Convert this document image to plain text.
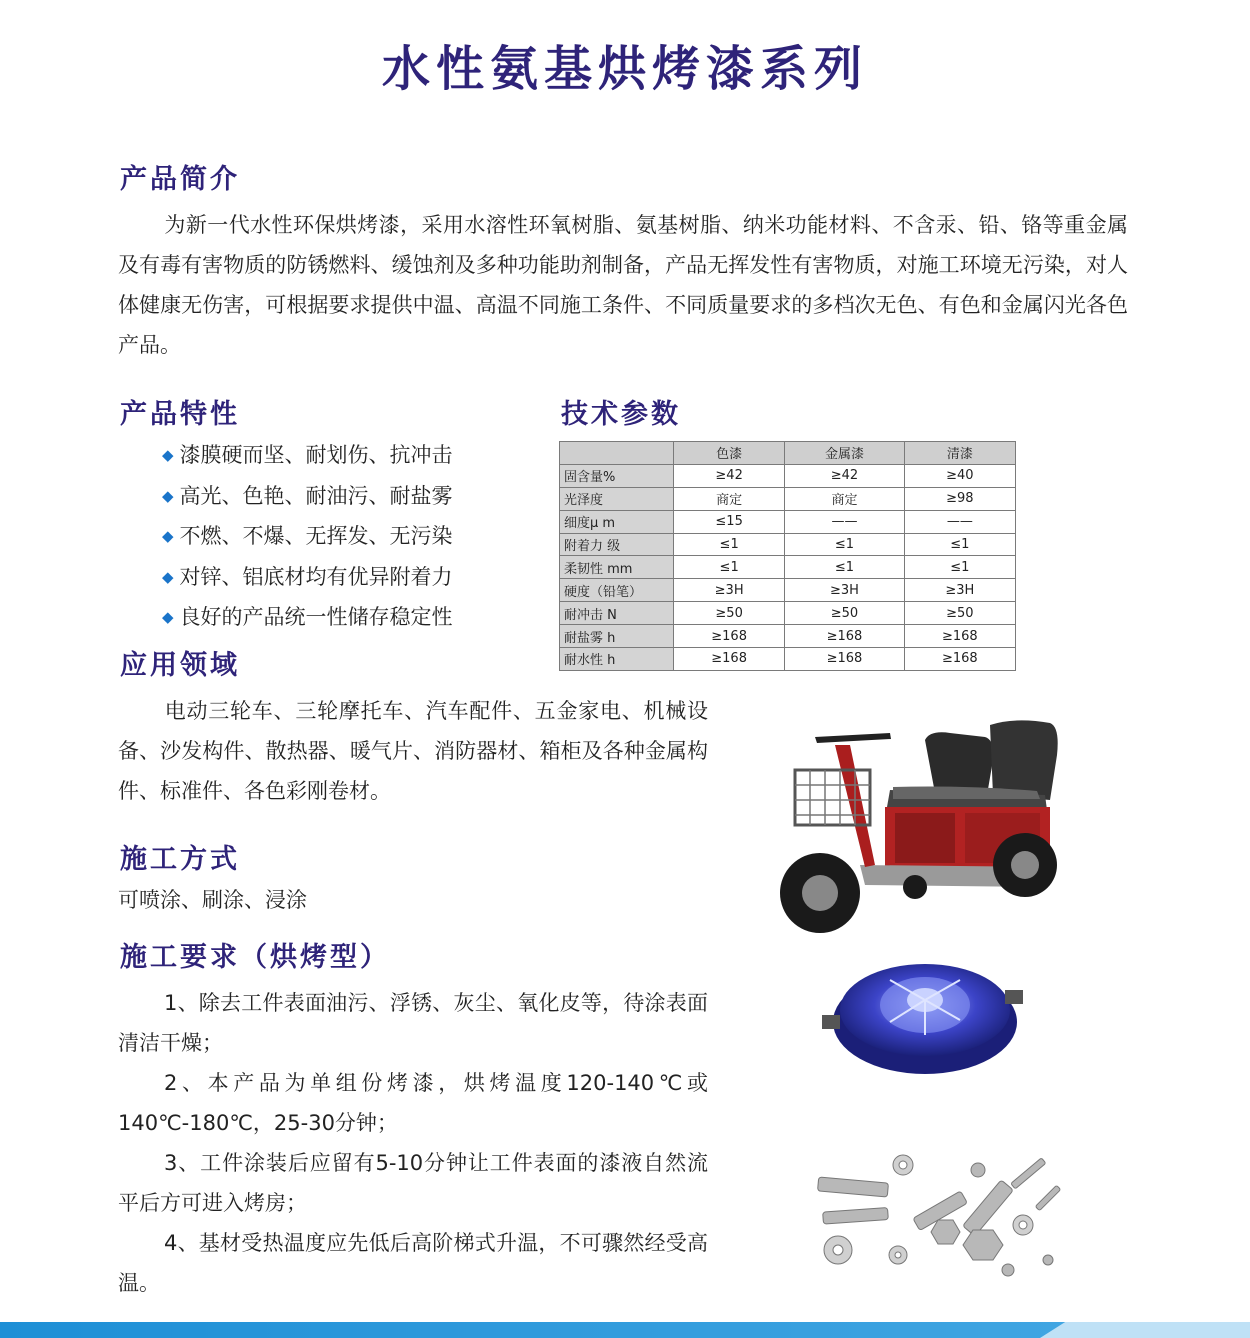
水性氨基烘烤漆系列
产品简介
为新一代水性环保烘烤漆，采用水溶性环氧树脂、氨基树脂、纳米功能材料、不含汞、铅、铬等重金属及有毒有害物质的防锈燃料、缓蚀剂及多种功能助剂制备，产品无挥发性有害物质，对施工环境无污染，对人体健康无伤害，可根据要求提供中温、高温不同施工条件、不同质量要求的多档次无色、有色和金属闪光各色产品。
产品特性
◆ 漆膜硬而坚、耐划伤、抗冲击
◆ 高光、色艳、耐油污、耐盐雾
◆ 不燃、不爆、无挥发、无污染
◆ 对锌、铝底材均有优异附着力
◆ 良好的产品统一性储存稳定性
技术参数
	色漆	金属漆	清漆
固含量%	≥42	≥42	≥40
光泽度	商定	商定	≥98
细度μ m	≤15	——	——
附着力 级	≤1	≤1	≤1
柔韧性 mm	≤1	≤1	≤1
硬度（铅笔）	≥3H	≥3H	≥3H
耐冲击 N	≥50	≥50	≥50
耐盐雾 h	≥168	≥168	≥168
耐水性 h	≥168	≥168	≥168
应用领域
电动三轮车、三轮摩托车、汽车配件、五金家电、机械设备、沙发构件、散热器、暖气片、消防器材、箱柜及各种金属构件、标准件、各色彩刚卷材。
施工方式
可喷涂、刷涂、浸涂
施工要求（烘烤型）

1、除去工件表面油污、浮锈、灰尘、氧化皮等，待涂表面清洁干燥；

2、本产品为单组份烤漆，烘烤温度120-140℃或140℃-180℃，25-30分钟；

3、工件涂装后应留有5-10分钟让工件表面的漆液自然流平后方可进入烤房；

4、基材受热温度应先低后高阶梯式升温，不可骤然经受高温。
